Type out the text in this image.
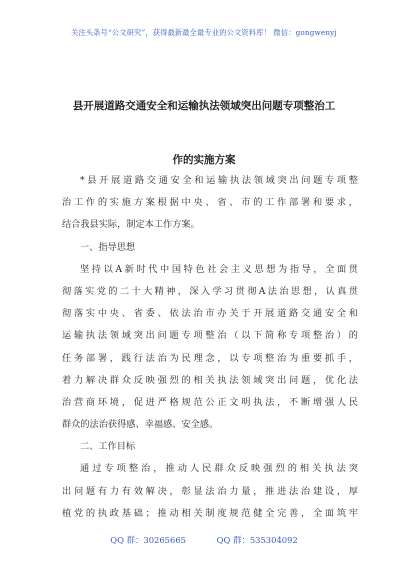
关注头条号“公文研究”，获得最新最全最专业的公文资料库！ 微信：gongwenyj
县开展道路交通安全和运输执法领域突出问题专项整治工
作的实施方案
*县开展道路交通安全和运输执法领域突出问题专项整
治工作的实施方案根据中央、省、市的工作部署和要求，
结合我县实际，制定本工作方案。
一、指导思想
坚持以A新时代中国特色社会主义思想为指导，全面贯
彻落实党的二十大精神，深入学习贯彻A法治思想，认真贯
彻落实中央、省委、依法治市办关于开展道路交通安全和
运输执法领域突出问题专项整治（以下简称专项整治）的
任务部署，践行法治为民理念，以专项整治为重要抓手，
着力解决群众反映强烈的相关执法领域突出问题，优化法
治营商环境，促进严格规范公正文明执法，不断增强人民
群众的法治获得感、幸福感、安全感。
二、工作目标
通过专项整治，推动人民群众反映强烈的相关执法突
出问题有力有效解决，彰显法治力量，推进法治建设，厚
植党的执政基础；推动相关制度规范健全完善，全面筑牢
QQ 群：30265665	QQ 群：535304092
